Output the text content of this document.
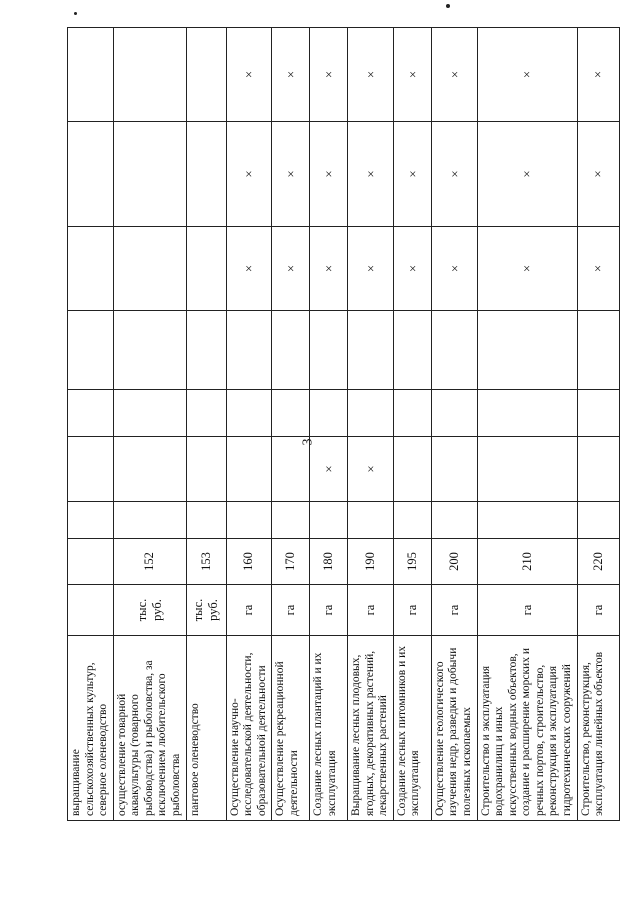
3
выращивание сельскохозяйственных культур, северное оленеводство									
осуществление товарной аквакультуры (товарного рыбоводства) и рыболовства, за исключением любительского рыболовства	тыс. руб.	152							
пантовое оленеводство	тыс. руб.	153							
Осуществление научно-исследовательской деятельности, образовательной деятельности	га	160					×	×	×
Осуществление рекреационной деятельности	га	170					×	×	×
Создание лесных плантаций и их эксплуатация	га	180		×			×	×	×
Выращивание лесных плодовых, ягодных, декоративных растений, лекарственных растений	га	190		×			×	×	×
Создание лесных питомников и их эксплуатация	га	195					×	×	×
Осуществление геологического изучения недр, разведки и добычи полезных ископаемых	га	200					×	×	×
Строительство и эксплуатация водохранилищ и иных искусственных водных объектов, создание и расширение морских и речных портов, строительство, реконструкция и эксплуатация гидротехнических сооружений	га	210					×	×	×
Строительство, реконструкция, эксплуатация линейных объектов	га	220					×	×	×
